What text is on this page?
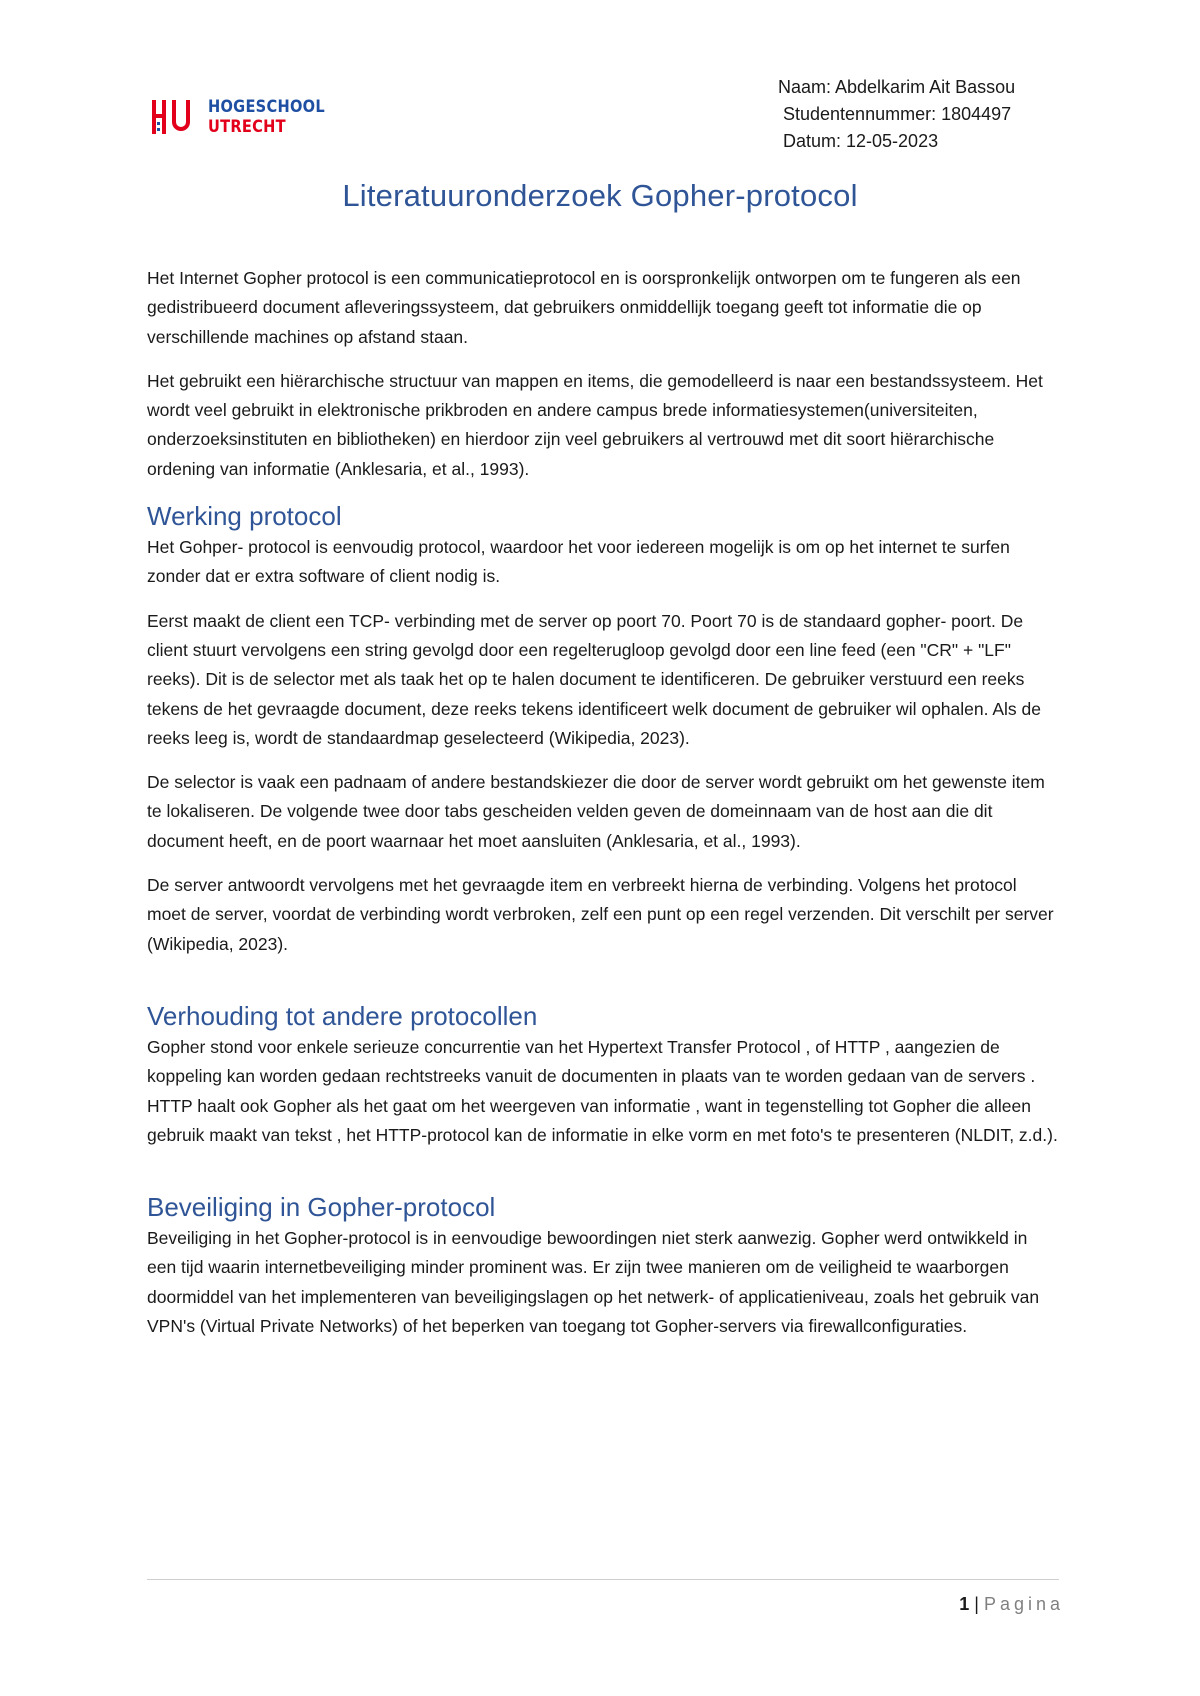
HOGESCHOOL
UTRECHT
Naam: Abdelkarim Ait Bassou
Studentennummer: 1804497
Datum: 12-05-2023
Literatuuronderzoek Gopher-protocol

Het Internet Gopher protocol is een communicatieprotocol en is oorspronkelijk ontworpen om te fungeren als een gedistribueerd document afleveringssysteem, dat gebruikers onmiddellijk toegang geeft tot informatie die op verschillende machines op afstand staan.

Het gebruikt een hiërarchische structuur van mappen en items, die gemodelleerd is naar een bestandssysteem. Het wordt veel gebruikt in elektronische prikbroden en andere campus brede informatiesystemen(universiteiten, onderzoeksinstituten en bibliotheken) en hierdoor zijn veel gebruikers al vertrouwd met dit soort hiërarchische ordening van informatie (Anklesaria, et al., 1993).

Werking protocol

Het Gohper- protocol is eenvoudig protocol, waardoor het voor iedereen mogelijk is om op het internet te surfen zonder dat er extra software of client nodig is.

Eerst maakt de client een TCP- verbinding met de server op poort 70. Poort 70 is de standaard gopher- poort. De client stuurt vervolgens een string gevolgd door een regelterugloop gevolgd door een line feed (een "CR" + "LF" reeks). Dit is de selector met als taak het op te halen document te identificeren. De gebruiker verstuurd een reeks tekens de het gevraagde document, deze reeks tekens identificeert welk document de gebruiker wil ophalen. Als de reeks leeg is, wordt de standaardmap geselecteerd (Wikipedia, 2023).

De selector is vaak een padnaam of andere bestandskiezer die door de server wordt gebruikt om het gewenste item te lokaliseren. De volgende twee door tabs gescheiden velden geven de domeinnaam van de host aan die dit document heeft, en de poort waarnaar het moet aansluiten (Anklesaria, et al., 1993).

De server antwoordt vervolgens met het gevraagde item en verbreekt hierna de verbinding. Volgens het protocol moet de server, voordat de verbinding wordt verbroken, zelf een punt op een regel verzenden. Dit verschilt per server (Wikipedia, 2023).

Verhouding tot andere protocollen

Gopher stond voor enkele serieuze concurrentie van het Hypertext Transfer Protocol , of HTTP , aangezien de koppeling kan worden gedaan rechtstreeks vanuit de documenten in plaats van te worden gedaan van de servers . HTTP haalt ook Gopher als het gaat om het weergeven van informatie , want in tegenstelling tot Gopher die alleen gebruik maakt van tekst , het HTTP-protocol kan de informatie in elke vorm en met foto's te presenteren (NLDIT, z.d.).

Beveiliging in Gopher-protocol

Beveiliging in het Gopher-protocol is in eenvoudige bewoordingen niet sterk aanwezig. Gopher werd ontwikkeld in een tijd waarin internetbeveiliging minder prominent was. Er zijn twee manieren om de veiligheid te waarborgen doormiddel van het implementeren van beveiligingslagen op het netwerk- of applicatieniveau, zoals het gebruik van VPN's (Virtual Private Networks) of het beperken van toegang tot Gopher-servers via firewallconfiguraties.

1 | Pagina
